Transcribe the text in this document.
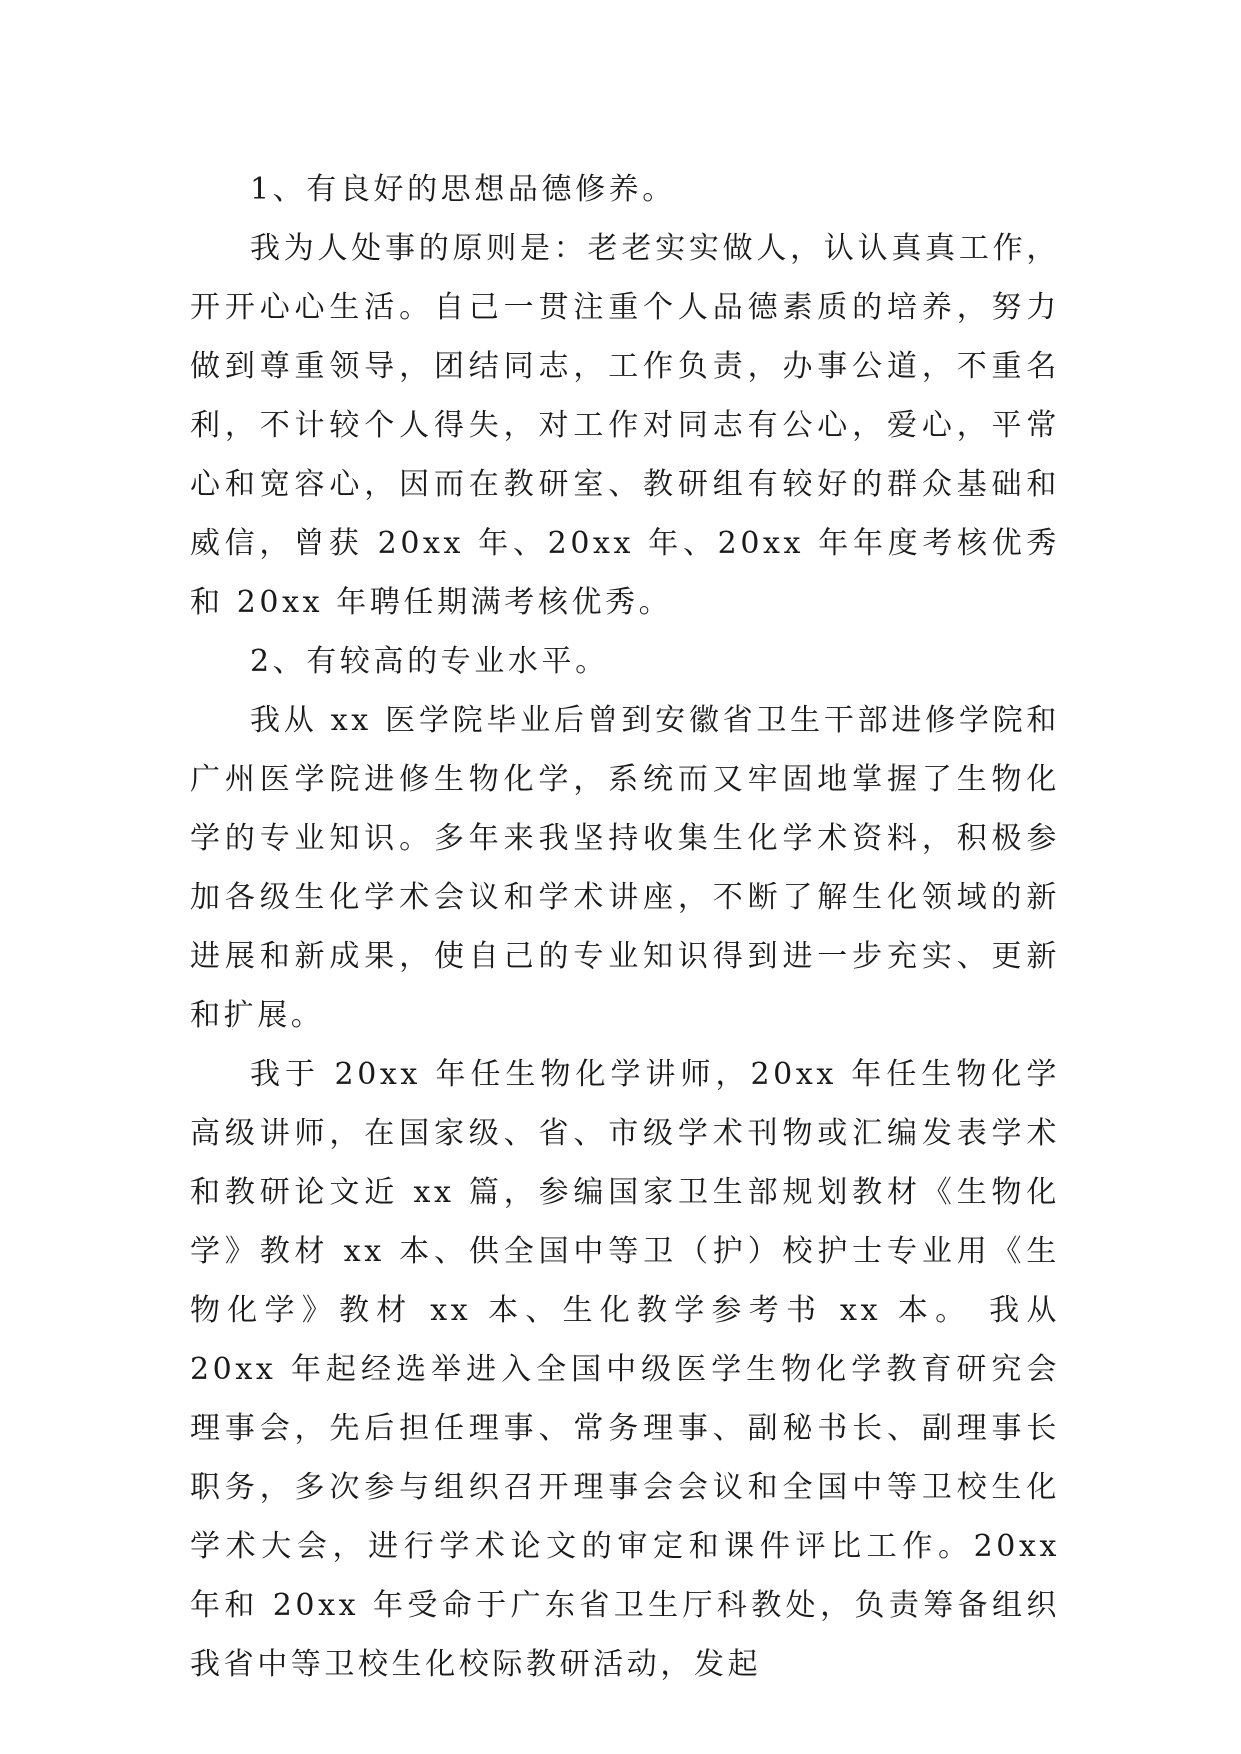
1、有良好的思想品德修养。

我为人处事的原则是：老老实实做人，认认真真工作，开开心心生活。自己一贯注重个人品德素质的培养，努力做到尊重领导，团结同志，工作负责，办事公道，不重名利，不计较个人得失，对工作对同志有公心，爱心，平常心和宽容心，因而在教研室、教研组有较好的群众基础和威信，曾获 20xx 年、20xx 年、20xx 年年度考核优秀和 20xx 年聘任期满考核优秀。

2、有较高的专业水平。

我从 xx 医学院毕业后曾到安徽省卫生干部进修学院和广州医学院进修生物化学，系统而又牢固地掌握了生物化学的专业知识。多年来我坚持收集生化学术资料，积极参加各级生化学术会议和学术讲座，不断了解生化领域的新进展和新成果，使自己的专业知识得到进一步充实、更新和扩展。

我于 20xx 年任生物化学讲师，20xx 年任生物化学高级讲师，在国家级、省、市级学术刊物或汇编发表学术和教研论文近 xx 篇，参编国家卫生部规划教材《生物化学》教材 xx 本、供全国中等卫（护）校护士专业用《生物化学》教材 xx 本、生化教学参考书 xx 本。 我从 20xx 年起经选举进入全国中级医学生物化学教育研究会理事会，先后担任理事、常务理事、副秘书长、副理事长职务，多次参与组织召开理事会会议和全国中等卫校生化学术大会，进行学术论文的审定和课件评比工作。20xx 年和 20xx 年受命于广东省卫生厅科教处，负责筹备组织我省中等卫校生化校际教研活动，发起
